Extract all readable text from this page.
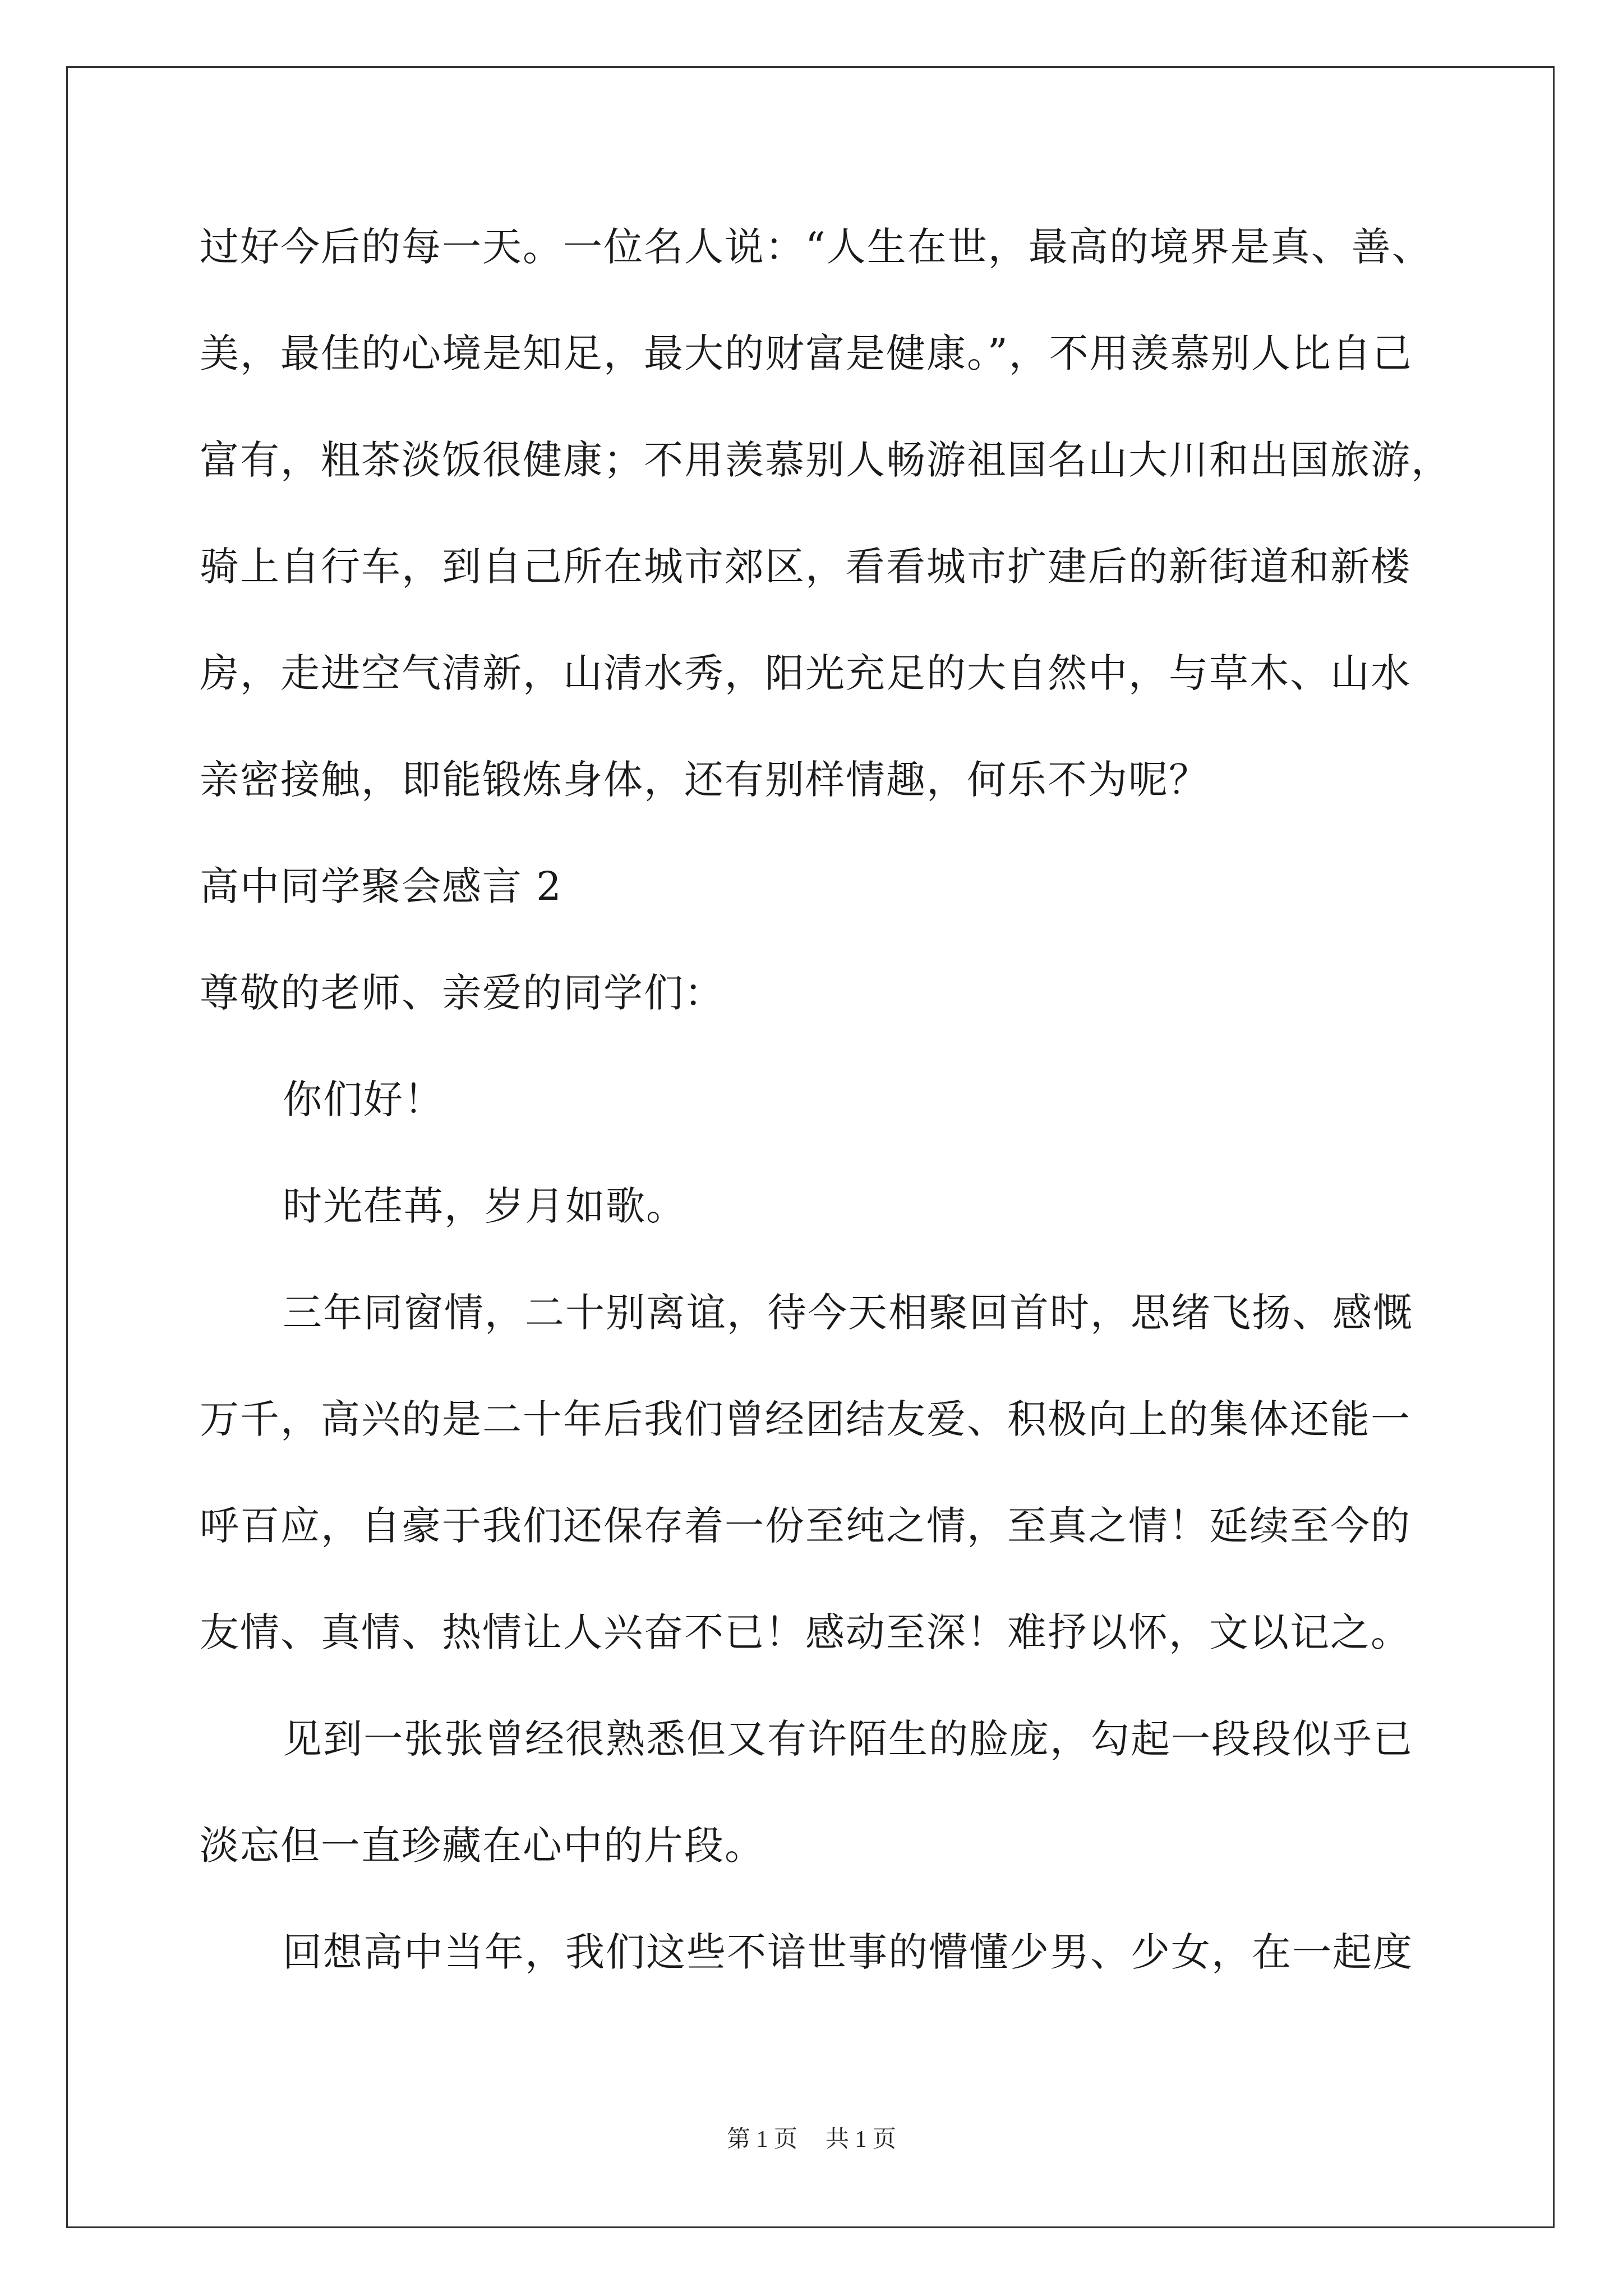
过好今后的每一天。一位名人说：“人生在世，最高的境界是真、善、
美，最佳的心境是知足，最大的财富是健康。”，不用羡慕别人比自己
富有，粗茶淡饭很健康；不用羡慕别人畅游祖国名山大川和出国旅游，
骑上自行车，到自己所在城市郊区，看看城市扩建后的新街道和新楼
房，走进空气清新，山清水秀，阳光充足的大自然中，与草木、山水
亲密接触，即能锻炼身体，还有别样情趣，何乐不为呢？
高中同学聚会感言 2
尊敬的老师、亲爱的同学们：
你们好！
时光荏苒，岁月如歌。
三年同窗情，二十别离谊，待今天相聚回首时，思绪飞扬、感慨
万千，高兴的是二十年后我们曾经团结友爱、积极向上的集体还能一
呼百应，自豪于我们还保存着一份至纯之情，至真之情！延续至今的
友情、真情、热情让人兴奋不已！感动至深！难抒以怀，文以记之。
见到一张张曾经很熟悉但又有许陌生的脸庞，勾起一段段似乎已
淡忘但一直珍藏在心中的片段。
回想高中当年，我们这些不谙世事的懵懂少男、少女，在一起度
第 1 页 共 1 页
